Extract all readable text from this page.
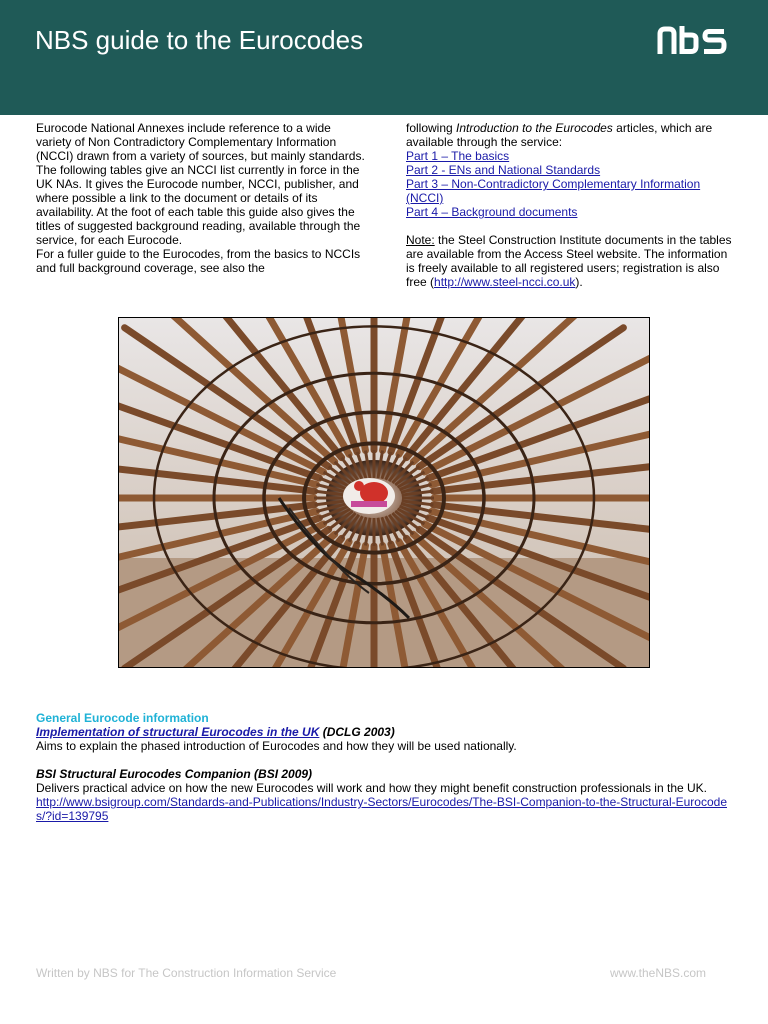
NBS guide to the Eurocodes

Eurocode National Annexes include reference to a wide variety of Non Contradictory Complementary Information (NCCI) drawn from a variety of sources, but mainly standards.

The following tables give an NCCI list currently in force in the UK NAs. It gives the Eurocode number, NCCI, publisher, and where possible a link to the document or details of its availability. At the foot of each table this guide also gives the titles of suggested background reading, available through the service, for each Eurocode.

For a fuller guide to the Eurocodes, from the basics to NCCIs and full background coverage, see also the

following Introduction to the Eurocodes articles, which are available through the service:

Part 1 – The basics

Part 2 - ENs and National Standards

Part 3 – Non-Contradictory Complementary Information (NCCI)

Part 4 – Background documents

Note: the Steel Construction Institute documents in the tables are available from the Access Steel website. The information is freely available to all registered users; registration is also free (http://www.steel-ncci.co.uk).

General Eurocode information

Implementation of structural Eurocodes in the UK (DCLG 2003)

Aims to explain the phased introduction of Eurocodes and how they will be used nationally.

BSI Structural Eurocodes Companion (BSI 2009)

Delivers practical advice on how the new Eurocodes will work and how they might benefit construction professionals in the UK.

http://www.bsigroup.com/Standards-and-Publications/Industry-Sectors/Eurocodes/The-BSI-Companion-to-the-Structural-Eurocodes/?id=139795

Written by NBS for The Construction Information Service	www.theNBS.com
